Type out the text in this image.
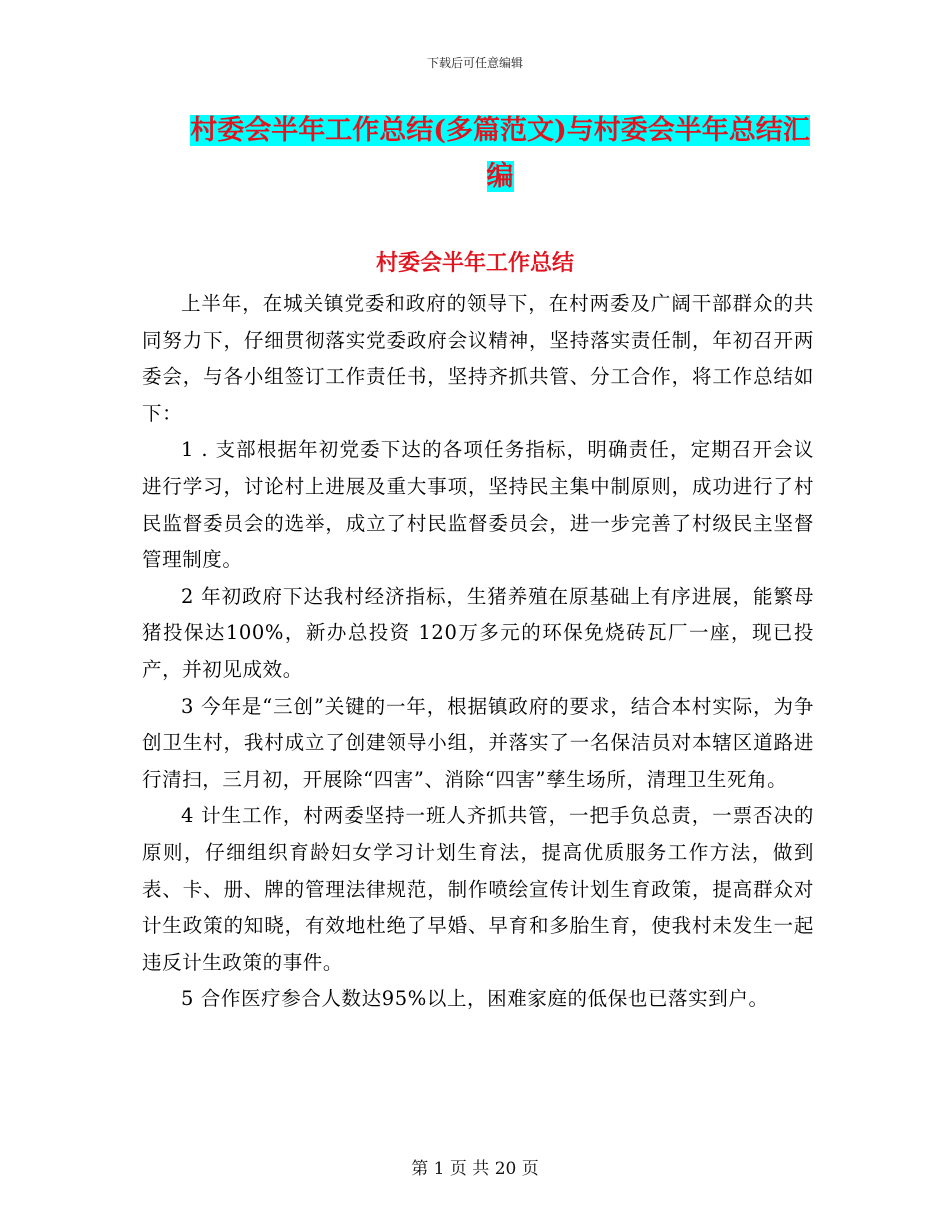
下载后可任意编辑
村委会半年工作总结(多篇范文)与村委会半年总结汇编
村委会半年工作总结

上半年，在城关镇党委和政府的领导下，在村两委及广阔干部群众的共同努力下，仔细贯彻落实党委政府会议精神，坚持落实责任制，年初召开两委会，与各小组签订工作责任书，坚持齐抓共管、分工合作，将工作总结如下：

1 . 支部根据年初党委下达的各项任务指标，明确责任，定期召开会议进行学习，讨论村上进展及重大事项，坚持民主集中制原则，成功进行了村民监督委员会的选举，成立了村民监督委员会，进一步完善了村级民主坚督管理制度。

2 年初政府下达我村经济指标，生猪养殖在原基础上有序进展，能繁母猪投保达100%，新办总投资 120万多元的环保免烧砖瓦厂一座，现已投产，并初见成效。

3 今年是“三创”关键的一年，根据镇政府的要求，结合本村实际，为争创卫生村，我村成立了创建领导小组，并落实了一名保洁员对本辖区道路进行清扫，三月初，开展除“四害”、消除“四害”孳生场所，清理卫生死角。

4 计生工作，村两委坚持一班人齐抓共管，一把手负总责，一票否决的原则，仔细组织育龄妇女学习计划生育法，提高优质服务工作方法，做到表、卡、册、牌的管理法律规范，制作喷绘宣传计划生育政策，提高群众对计生政策的知晓，有效地杜绝了早婚、早育和多胎生育，使我村未发生一起违反计生政策的事件。

5 合作医疗参合人数达95%以上，困难家庭的低保也已落实到户。

第 1 页 共 20 页
